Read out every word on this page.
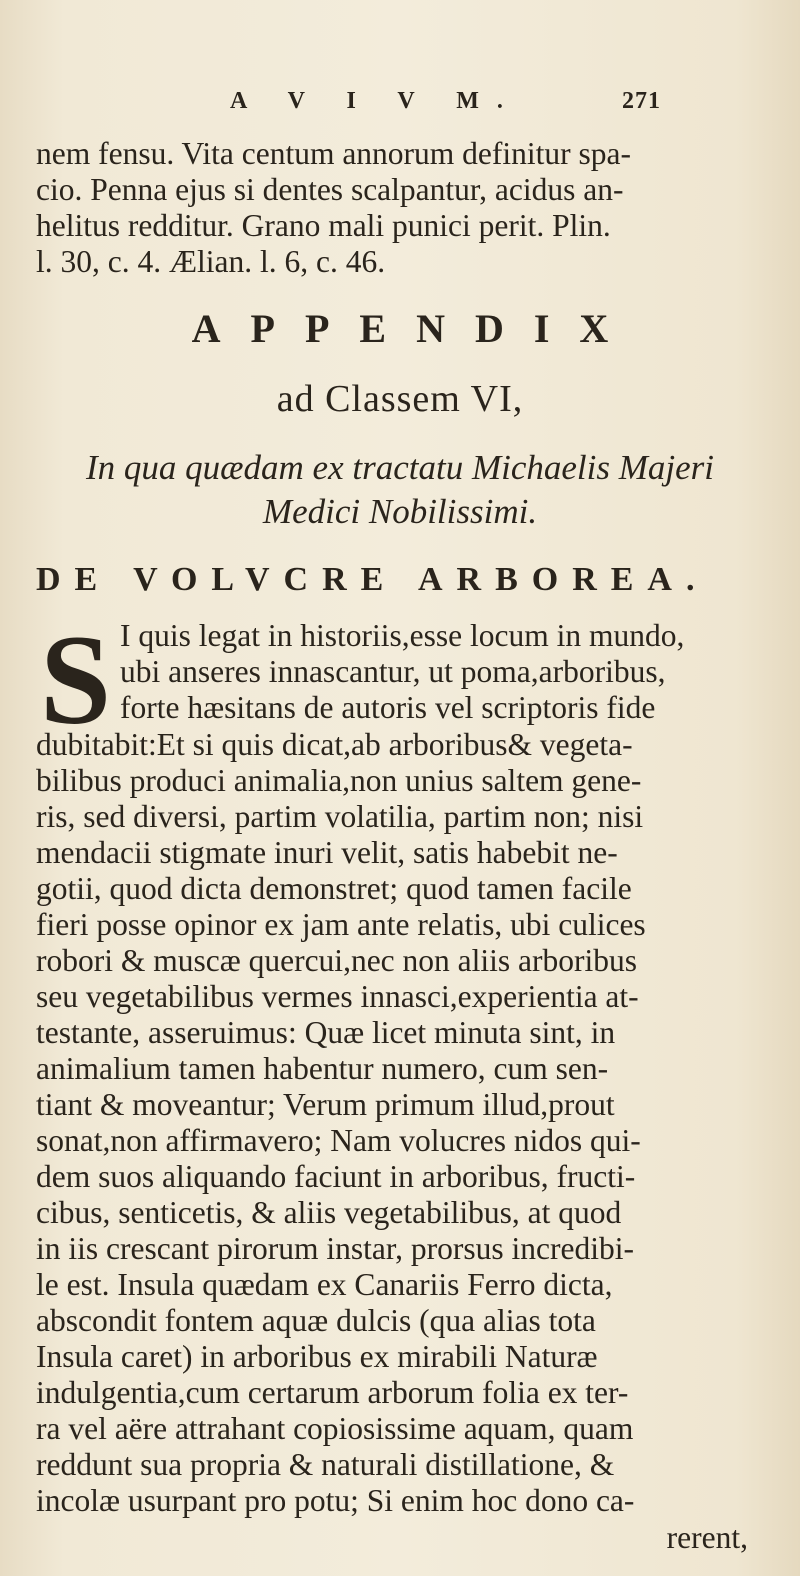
A V I V M.	271
nem fensu. Vita centum annorum definitur spa-
cio. Penna ejus si dentes scalpantur, acidus an-
helitus redditur. Grano mali punici perit. Plin.
l. 30, c. 4. Ælian. l. 6, c. 46.
APPENDIX
ad Classem VI,
In qua quædam ex tractatu Michaelis Majeri
Medici Nobilissimi.
DE VOLVCRE ARBOREA.
S I quis legat in historiis,esse locum in mundo,
ubi anseres innascantur, ut poma,arboribus,
forte hæsitans de autoris vel scriptoris fide
dubitabit:Et si quis dicat,ab arboribus& vegeta-
bilibus produci animalia,non unius saltem gene-
ris, sed diversi, partim volatilia, partim non; nisi
mendacii stigmate inuri velit, satis habebit ne-
gotii, quod dicta demonstret; quod tamen facile
fieri posse opinor ex jam ante relatis, ubi culices
robori & muscæ quercui,nec non aliis arboribus
seu vegetabilibus vermes innasci,experientia at-
testante, asseruimus: Quæ licet minuta sint, in
animalium tamen habentur numero, cum sen-
tiant & moveantur; Verum primum illud,prout
sonat,non affirmavero; Nam volucres nidos qui-
dem suos aliquando faciunt in arboribus, fructi-
cibus, senticetis, & aliis vegetabilibus, at quod
in iis crescant pirorum instar, prorsus incredibi-
le est. Insula quædam ex Canariis Ferro dicta,
abscondit fontem aquæ dulcis (qua alias tota
Insula caret) in arboribus ex mirabili Naturæ
indulgentia,cum certarum arborum folia ex ter-
ra vel aëre attrahant copiosissime aquam, quam
reddunt sua propria & naturali distillatione, &
incolæ usurpant pro potu; Si enim hoc dono ca-
rerent,
